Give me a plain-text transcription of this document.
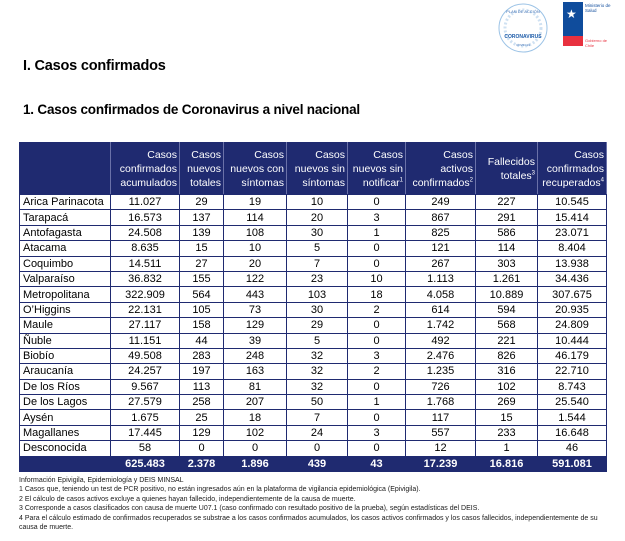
PLAN DE ACCIÓN
CORONAVIRUS
COVID-19
★
Ministerio de Salud
Gobierno de Chile
I. Casos confirmados
1. Casos confirmados de Coronavirus a nivel nacional

	Casos
confirmados
acumulados	Casos
nuevos
totales	Casos
nuevos con
síntomas	Casos
nuevos sin
síntomas	Casos
nuevos sin
notificar$^1$	Casos
activos
confirmados$^2$	Fallecidos
totales$^3$	Casos
confirmados
recuperados$^4$

Arica Parinacota	11.027	29	19	10	0	249	227	10.545
Tarapacá	16.573	137	114	20	3	867	291	15.414
Antofagasta	24.508	139	108	30	1	825	586	23.071
Atacama	8.635	15	10	5	0	121	114	8.404
Coquimbo	14.511	27	20	7	0	267	303	13.938
Valparaíso	36.832	155	122	23	10	1.113	1.261	34.436
Metropolitana	322.909	564	443	103	18	4.058	10.889	307.675
O’Higgins	22.131	105	73	30	2	614	594	20.935
Maule	27.117	158	129	29	0	1.742	568	24.809
Ñuble	11.151	44	39	5	0	492	221	10.444
Biobío	49.508	283	248	32	3	2.476	826	46.179
Araucanía	24.257	197	163	32	2	1.235	316	22.710
De los Ríos	9.567	113	81	32	0	726	102	8.743
De los Lagos	27.579	258	207	50	1	1.768	269	25.540
Aysén	1.675	25	18	7	0	117	15	1.544
Magallanes	17.445	129	102	24	3	557	233	16.648
Desconocida	58	0	0	0	0	12	1	46
	625.483	2.378	1.896	439	43	17.239	16.816	591.081

Información Epivigila, Epidemiología y DEIS MINSAL

1 Casos que, teniendo un test de PCR positivo, no están ingresados aún en la plataforma de vigilancia epidemiológica (Epivigila).

2 El cálculo de casos activos excluye a quienes hayan fallecido, independientemente de la causa de muerte.

3 Corresponde a casos clasificados con causa de muerte U07.1 (caso confirmado con resultado positivo de la prueba), según estadísticas del DEIS.

4 Para el cálculo estimado de confirmados recuperados se substrae a los casos confirmados acumulados, los casos activos confirmados y los casos fallecidos, independientemente de su causa de muerte.
